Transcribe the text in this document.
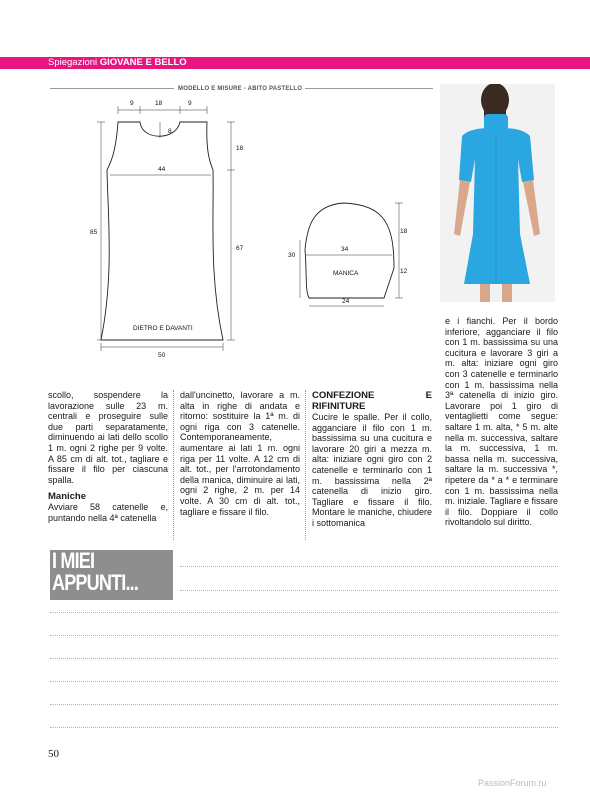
Spiegazioni GIOVANE E BELLO
MODELLO E MISURE - ABITO PASTELLO
9	18	9
8
44
85
18
67
50
DIETRO E DAVANTI
34
MANICA
30
18
12
24

scollo, sospendere la lavorazione sulle 23 m. centrali e proseguire sulle due parti separatamente, diminuendo ai lati dello scollo 1 m. ogni 2 righe per 9 volte. A 85 cm di alt. tot., tagliare e fissare il filo per ciascuna spalla.

Maniche

Avviare 58 catenelle e, puntando nella 4ª catenella

dall'uncinetto, lavorare a m. alta in righe di andata e ritorno: sostituire la 1ª m. di ogni riga con 3 catenelle. Contemporaneamente, aumentare ai lati 1 m. ogni riga per 11 volte. A 12 cm di alt. tot., per l'arrotondamento della manica, diminuire ai lati, ogni 2 righe, 2 m. per 14 volte. A 30 cm di alt. tot., tagliare e fissare il filo.

CONFEZIONE E RIFINITURE

Cucire le spalle. Per il collo, agganciare il filo con 1 m. bassissima su una cucitura e lavorare 20 giri a mezza m. alta: iniziare ogni giro con 2 catenelle e terminarlo con 1 m. bassissima nella 2ª catenella di inizio giro. Tagliare e fissare il filo. Montare le maniche, chiudere i sottomanica

e i fianchi. Per il bordo inferiore, agganciare il filo con 1 m. bassissima su una cucitura e lavorare 3 giri a m. alta: iniziare ogni giro con 3 catenelle e terminarlo con 1 m. bassissima nella 3ª catenella di inizio giro. Lavorare poi 1 giro di ventaglietti come segue: saltare 1 m. alta, * 5 m. alte nella m. successiva, saltare la m. successiva, 1 m. bassa nella m. successiva, saltare la m. successiva *, ripetere da * a * e terminare con 1 m. bassissima nella m. iniziale. Tagliare e fissare il filo. Doppiare il collo rivoltandolo sul diritto.

I MIEI
APPUNTI...
50
PassionForum.ru
